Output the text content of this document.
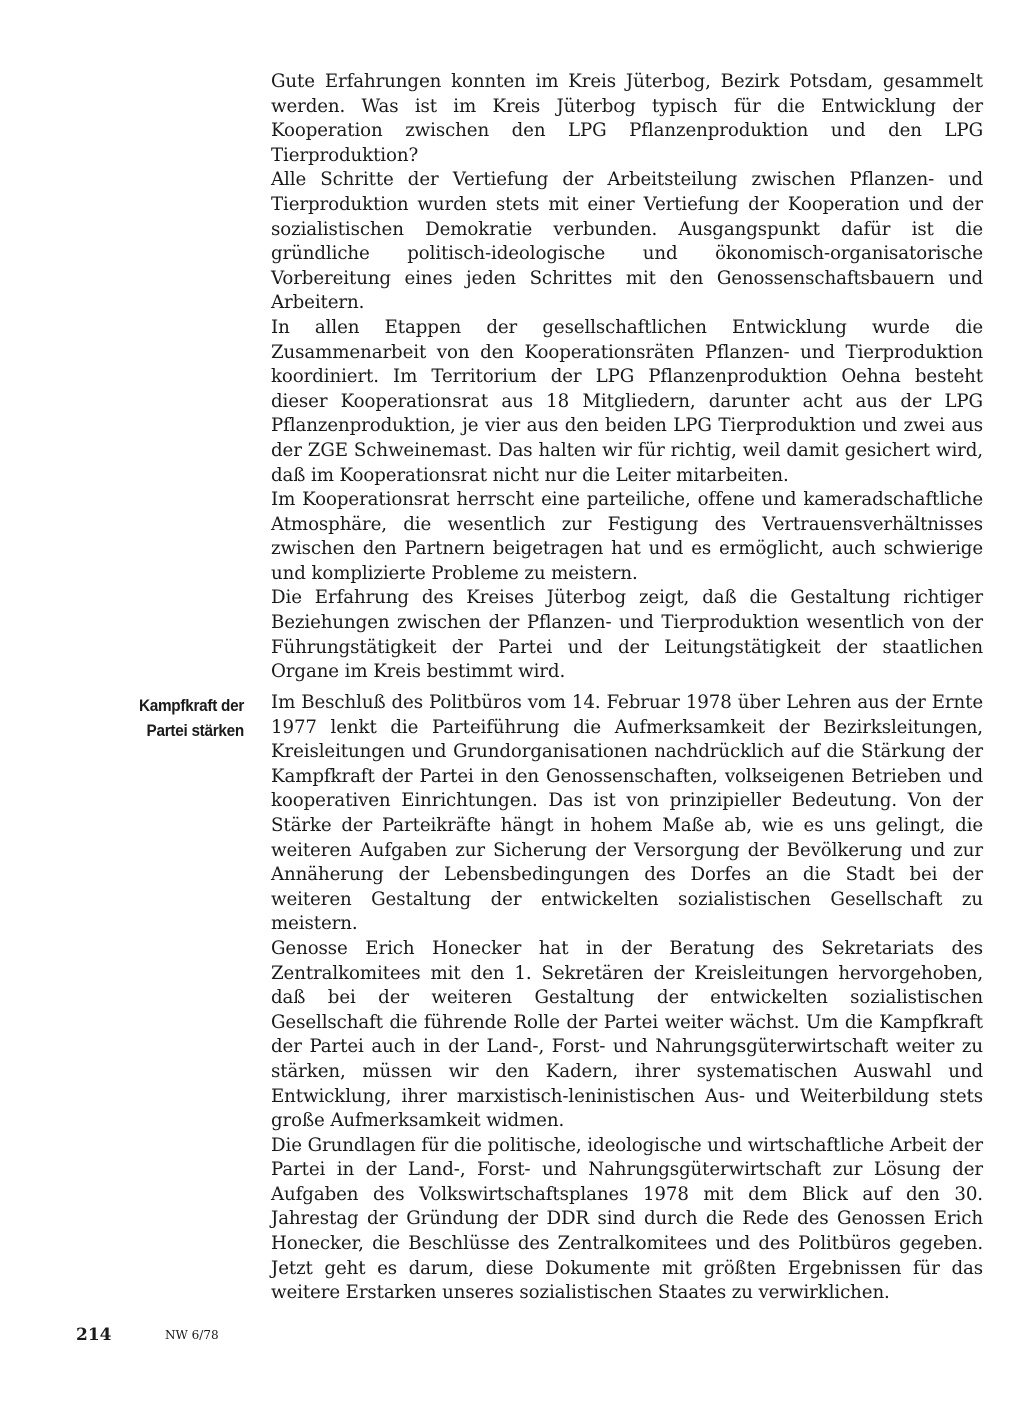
Gute Erfahrungen konnten im Kreis Jüterbog, Bezirk Potsdam, gesammelt werden. Was ist im Kreis Jüterbog typisch für die Entwicklung der Kooperation zwischen den LPG Pflanzenproduktion und den LPG Tierproduktion?

Alle Schritte der Vertiefung der Arbeitsteilung zwischen Pflanzen- und Tierproduktion wurden stets mit einer Vertiefung der Kooperation und der sozialistischen Demokratie verbunden. Ausgangspunkt dafür ist die gründliche politisch-ideologische und ökonomisch-organisatorische Vorbereitung eines jeden Schrittes mit den Genossenschaftsbauern und Arbeitern.

In allen Etappen der gesellschaftlichen Entwicklung wurde die Zusammenarbeit von den Kooperationsräten Pflanzen- und Tierproduktion koordiniert. Im Territorium der LPG Pflanzenproduktion Oehna besteht dieser Kooperationsrat aus 18 Mitgliedern, darunter acht aus der LPG Pflanzenproduktion, je vier aus den beiden LPG Tierproduktion und zwei aus der ZGE Schweinemast. Das halten wir für richtig, weil damit gesichert wird, daß im Kooperationsrat nicht nur die Leiter mitarbeiten.

Im Kooperationsrat herrscht eine parteiliche, offene und kameradschaftliche Atmosphäre, die wesentlich zur Festigung des Vertrauensverhältnisses zwischen den Partnern beigetragen hat und es ermöglicht, auch schwierige und komplizierte Probleme zu meistern.

Die Erfahrung des Kreises Jüterbog zeigt, daß die Gestaltung richtiger Beziehungen zwischen der Pflanzen- und Tierproduktion wesentlich von der Führungstätigkeit der Partei und der Leitungstätigkeit der staatlichen Organe im Kreis bestimmt wird.

Kampfkraft der
Partei stärken

Im Beschluß des Politbüros vom 14. Februar 1978 über Lehren aus der Ernte 1977 lenkt die Parteiführung die Aufmerksamkeit der Bezirksleitungen, Kreisleitungen und Grundorganisationen nachdrücklich auf die Stärkung der Kampfkraft der Partei in den Genossenschaften, volkseigenen Betrieben und kooperativen Einrichtungen. Das ist von prinzipieller Bedeutung. Von der Stärke der Parteikräfte hängt in hohem Maße ab, wie es uns gelingt, die weiteren Aufgaben zur Sicherung der Versorgung der Bevölkerung und zur Annäherung der Lebensbedingungen des Dorfes an die Stadt bei der weiteren Gestaltung der entwickelten sozialistischen Gesellschaft zu meistern.

Genosse Erich Honecker hat in der Beratung des Sekretariats des Zentralkomitees mit den 1. Sekretären der Kreisleitungen hervorgehoben, daß bei der weiteren Gestaltung der entwickelten sozialistischen Gesellschaft die führende Rolle der Partei weiter wächst. Um die Kampfkraft der Partei auch in der Land-, Forst- und Nahrungsgüterwirtschaft weiter zu stärken, müssen wir den Kadern, ihrer systematischen Auswahl und Entwicklung, ihrer marxistisch-leninistischen Aus- und Weiterbildung stets große Aufmerksamkeit widmen.

Die Grundlagen für die politische, ideologische und wirtschaftliche Arbeit der Partei in der Land-, Forst- und Nahrungsgüterwirtschaft zur Lösung der Aufgaben des Volkswirtschaftsplanes 1978 mit dem Blick auf den 30. Jahrestag der Gründung der DDR sind durch die Rede des Genossen Erich Honecker, die Beschlüsse des Zentralkomitees und des Politbüros gegeben. Jetzt geht es darum, diese Dokumente mit größten Ergebnissen für das weitere Erstarken unseres sozialistischen Staates zu verwirklichen.

214	NW 6/78
